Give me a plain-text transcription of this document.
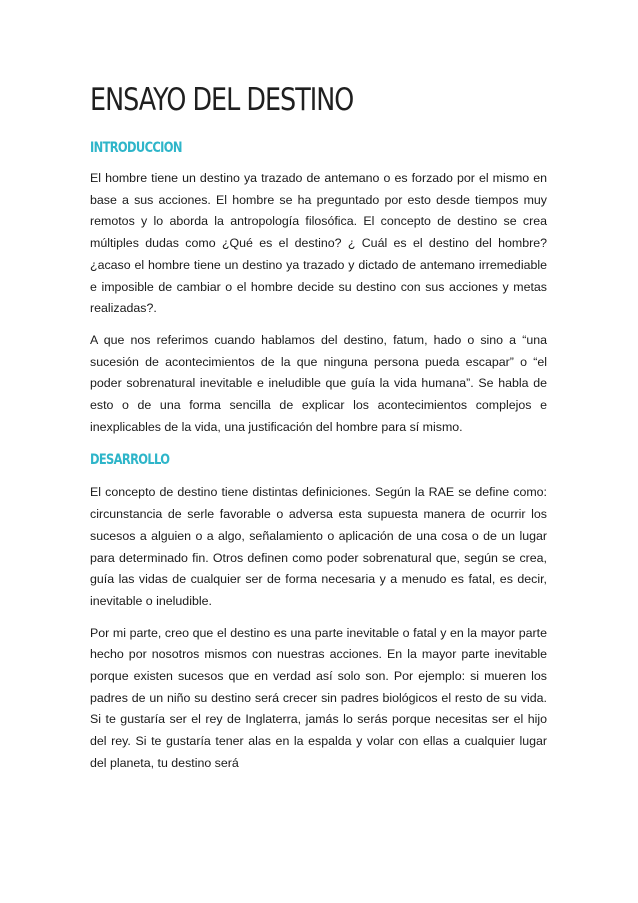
ENSAYO DEL DESTINO
INTRODUCCION

El hombre tiene un destino ya trazado de antemano o es forzado por el mismo en base a sus acciones. El hombre se ha preguntado por esto desde tiempos muy remotos y lo aborda la antropología filosófica. El concepto de destino se crea múltiples dudas como ¿Qué es el destino? ¿ Cuál es el destino del hombre?¿acaso el hombre tiene un destino ya trazado y dictado de antemano irremediable e imposible de cambiar o el hombre decide su destino con sus acciones y metas realizadas?.

A que nos referimos cuando hablamos del destino, fatum, hado o sino a “una sucesión de acontecimientos de la que ninguna persona pueda escapar” o “el poder sobrenatural inevitable e ineludible que guía la vida humana”. Se habla de esto o de una forma sencilla de explicar los acontecimientos complejos e inexplicables de la vida, una justificación del hombre para sí mismo.

DESARROLLO

El concepto de destino tiene distintas definiciones. Según la RAE se define como: circunstancia de serle favorable o adversa esta supuesta manera de ocurrir los sucesos a alguien o a algo, señalamiento o aplicación de una cosa o de un lugar para determinado fin. Otros definen como poder sobrenatural que, según se crea, guía las vidas de cualquier ser de forma necesaria y a menudo es fatal, es decir, inevitable o ineludible.

Por mi parte, creo que el destino es una parte inevitable o fatal y en la mayor parte hecho por nosotros mismos con nuestras acciones. En la mayor parte inevitable porque existen sucesos que en verdad así solo son. Por ejemplo: si mueren los padres de un niño su destino será crecer sin padres biológicos el resto de su vida. Si te gustaría ser el rey de Inglaterra, jamás lo serás porque necesitas ser el hijo del rey. Si te gustaría tener alas en la espalda y volar con ellas a cualquier lugar del planeta, tu destino será
